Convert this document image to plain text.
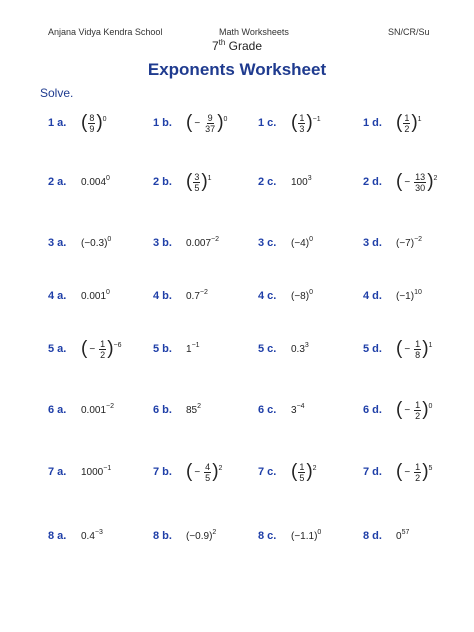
Anjana Vidya Kendra School	Math Worksheets	SN/CR/Su
7th Grade
Exponents Worksheet
Solve.
1 a. ( $\frac{8}{9} )^0$	1 b. ( − $\frac{9}{37} )^0$	1 c. ( $\frac{1}{3} )^{-1}$	1 d. ( $\frac{1}{2} )^1$
2 a.	0.004$^0$	2 b. ( $\frac{3}{5} )^1$	2 c.	$100^3$	2 d. ( − $\frac{13}{30} )^2$
3 a.	$(-0.3)^0$	3 b.	$0.007^{-2}$	3 c.	$(-4)^0$	3 d.	$(-7)^{-2}$
4 a.	0.001$^0$	4 b.	$0.7^{-2}$	4 c.	$(-8)^0$	4 d.	$(-1)^{10}$
5 a. ( − $\frac{1}{2} )^{-6}$	5 b.	$1^{-1}$	5 c.	$0.3^3$	5 d. ( − $\frac{1}{8} )^1$
6 a.	$0.001^{-2}$	6 b.	$85^2$	6 c.	$3^{-4}$	6 d. ( − $\frac{1}{2} )^0$
7 a.	$1000^{-1}$	7 b. ( − $\frac{4}{5} )^2$	7 c. ( $\frac{1}{5} )^2$	7 d. ( − $\frac{1}{2} )^5$
8 a.	$0.4^{-3}$	8 b.	$(-0.9)^2$	8 c.	$(-1.1)^0$	8 d.	$0^{57}$
